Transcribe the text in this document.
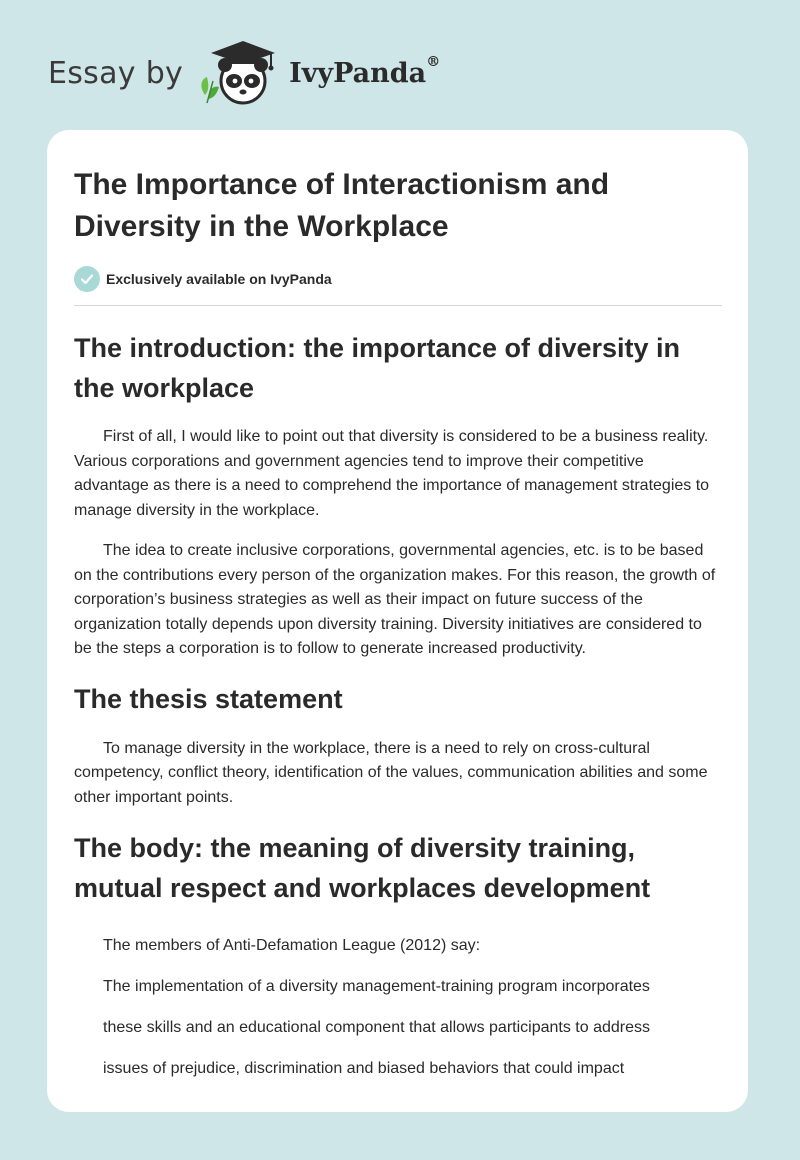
Essay by	IvyPanda®
The Importance of Interactionism and Diversity in the Workplace
Exclusively available on IvyPanda
The introduction: the importance of diversity in the workplace

First of all, I would like to point out that diversity is considered to be a business reality. Various corporations and government agencies tend to improve their competitive advantage as there is a need to comprehend the importance of management strategies to manage diversity in the workplace.

The idea to create inclusive corporations, governmental agencies, etc. is to be based on the contributions every person of the organization makes. For this reason, the growth of corporation’s business strategies as well as their impact on future success of the organization totally depends upon diversity training. Diversity initiatives are considered to be the steps a corporation is to follow to generate increased productivity.

The thesis statement

To manage diversity in the workplace, there is a need to rely on cross-cultural competency, conflict theory, identification of the values, communication abilities and some other important points.

The body: the meaning of diversity training, mutual respect and workplaces development

The members of Anti-Defamation League (2012) say:

The implementation of a diversity management-training program incorporates

these skills and an educational component that allows participants to address

issues of prejudice, discrimination and biased behaviors that could impact
